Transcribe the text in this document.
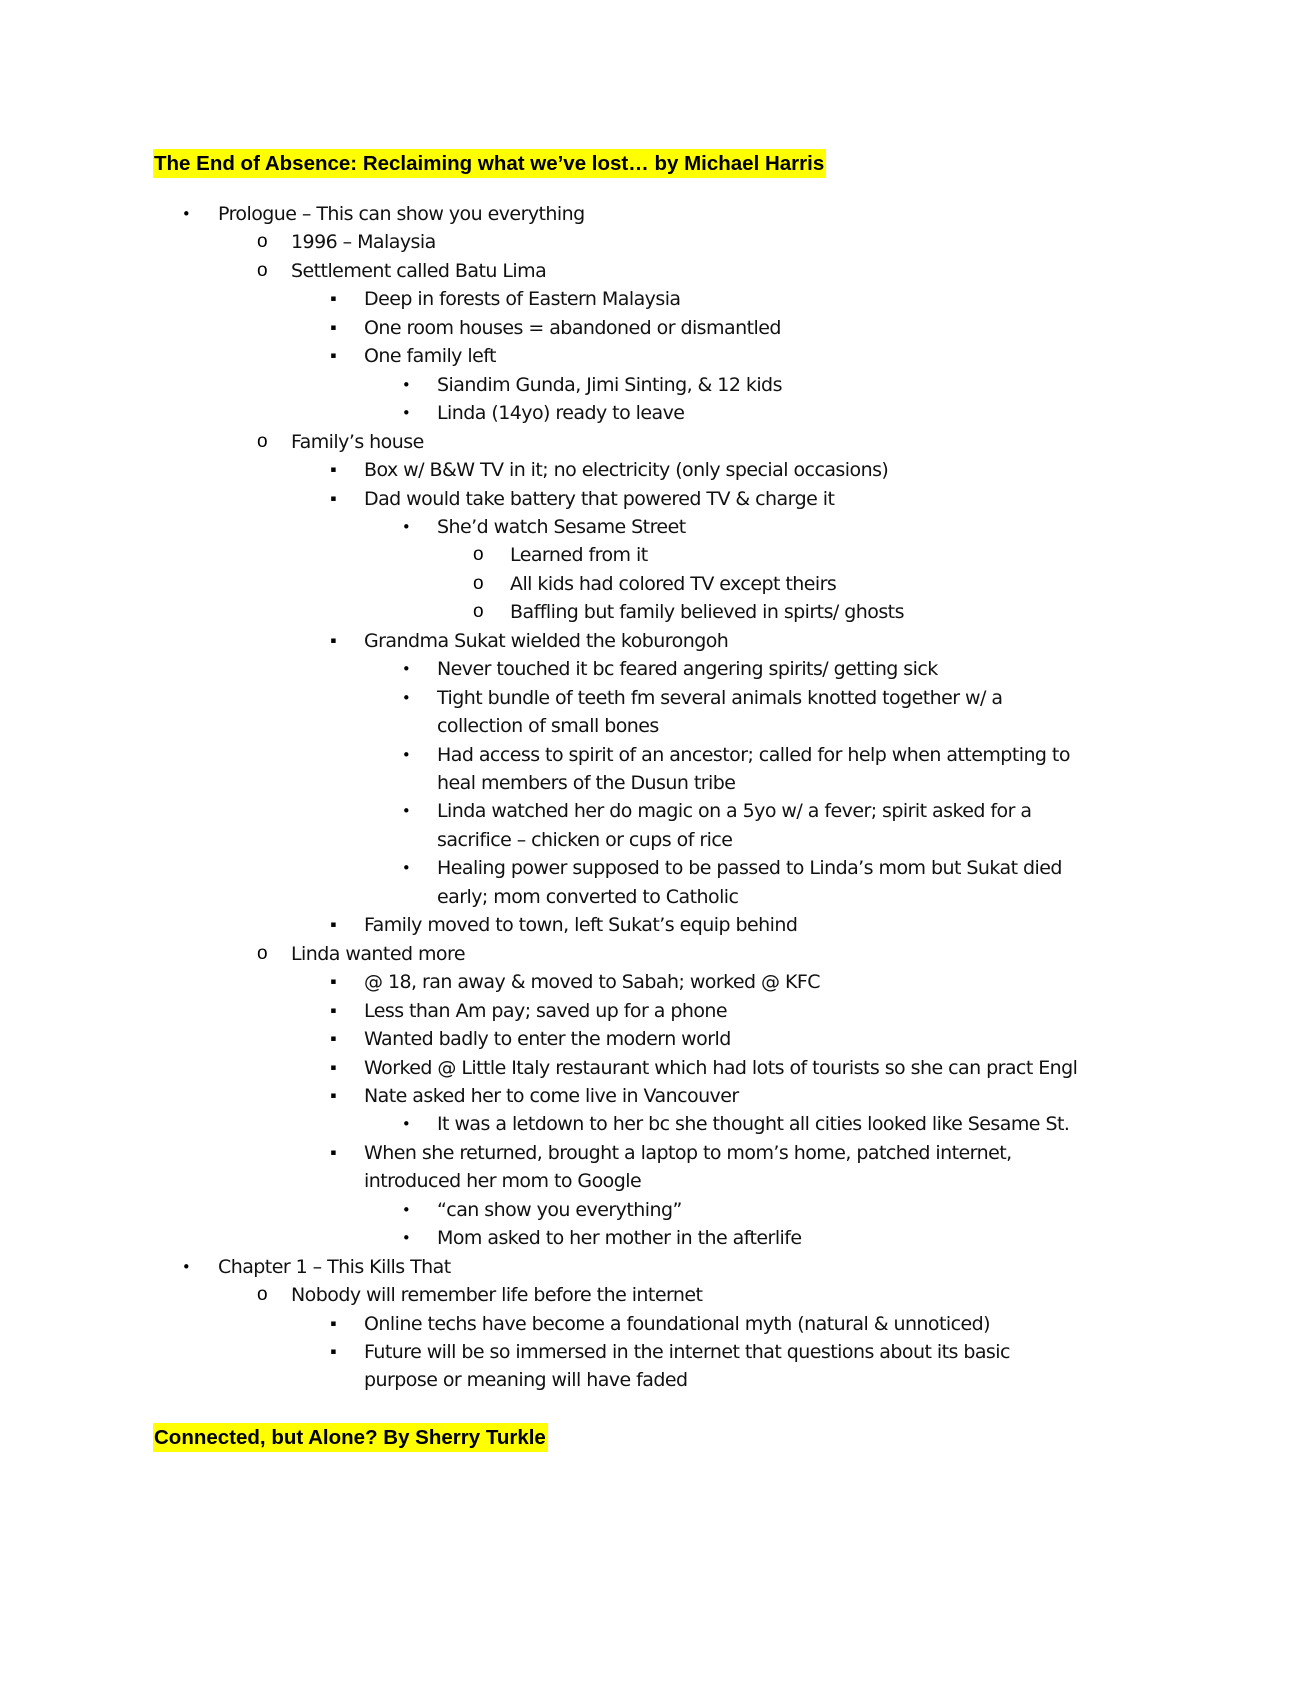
The End of Absence: Reclaiming what we’ve lost… by Michael Harris
•	Prologue – This can show you everything
o 1996 – Malaysia
o Settlement called Batu Lima
▪	Deep in forests of Eastern Malaysia
▪	One room houses = abandoned or dismantled
▪	One family left
•	Siandim Gunda, Jimi Sinting, & 12 kids
•	Linda (14yo) ready to leave
o Family’s house
▪	Box w/ B&W TV in it; no electricity (only special occasions)
▪	Dad would take battery that powered TV & charge it
•	She’d watch Sesame Street
o Learned from it
o All kids had colored TV except theirs
o Baffling but family believed in spirts/ ghosts
▪	Grandma Sukat wielded the koburongoh
•	Never touched it bc feared angering spirits/ getting sick
•	Tight bundle of teeth fm several animals knotted together w/ a
collection of small bones
•	Had access to spirit of an ancestor; called for help when attempting to
heal members of the Dusun tribe
•	Linda watched her do magic on a 5yo w/ a fever; spirit asked for a
sacrifice – chicken or cups of rice
•	Healing power supposed to be passed to Linda’s mom but Sukat died
early; mom converted to Catholic
▪	Family moved to town, left Sukat’s equip behind
o Linda wanted more
▪	@ 18, ran away & moved to Sabah; worked @ KFC
▪	Less than Am pay; saved up for a phone
▪	Wanted badly to enter the modern world
▪	Worked @ Little Italy restaurant which had lots of tourists so she can pract Engl
▪	Nate asked her to come live in Vancouver
•	It was a letdown to her bc she thought all cities looked like Sesame St.
▪	When she returned, brought a laptop to mom’s home, patched internet,
introduced her mom to Google
•	“can show you everything”
•	Mom asked to her mother in the afterlife
•	Chapter 1 – This Kills That
o Nobody will remember life before the internet
▪	Online techs have become a foundational myth (natural & unnoticed)
▪	Future will be so immersed in the internet that questions about its basic
purpose or meaning will have faded
Connected, but Alone? By Sherry Turkle
